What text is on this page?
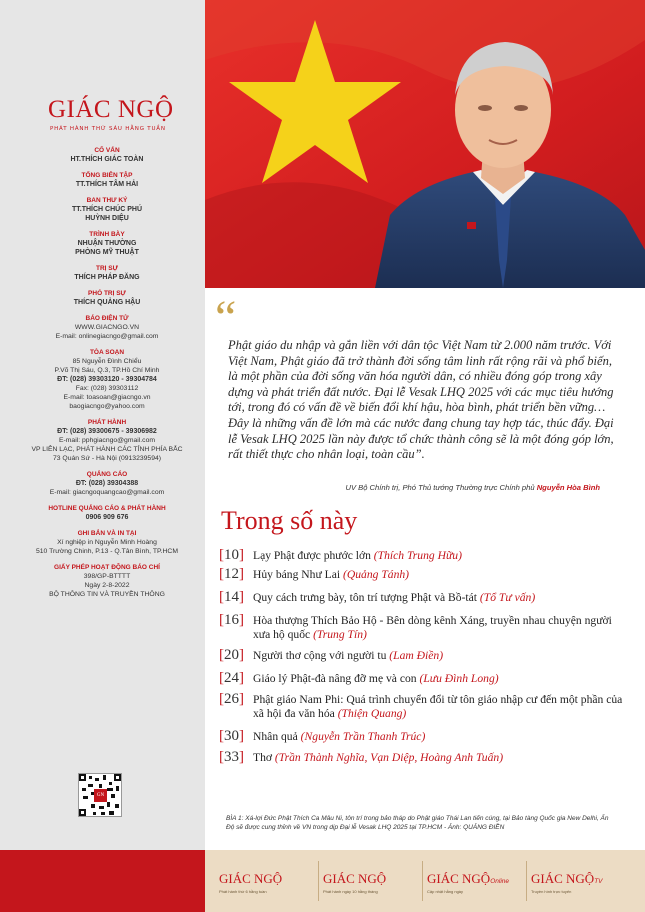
GIÁC NGỘ
PHÁT HÀNH THỨ SÁU HẰNG TUẦN
CỐ VẤN
HT.THÍCH GIÁC TOÀN
TỔNG BIÊN TẬP
TT.THÍCH TÂM HẢI
BAN THƯ KÝ
TT.THÍCH CHÚC PHÚ
HUỲNH DIỆU
TRÌNH BÀY
NHUẬN THƯỜNG
PHÒNG MỸ THUẬT
TRỊ SỰ
THÍCH PHÁP ĐĂNG
PHÓ TRỊ SỰ
THÍCH QUẢNG HẬU
BÁO ĐIỆN TỬ
WWW.GIACNGO.VN
E-mail: onlinegiacngo@gmail.com
TÒA SOẠN
85 Nguyễn Đình Chiểu
P.Võ Thị Sáu, Q.3, TP.Hồ Chí Minh
ĐT: (028) 39303120 - 39304784
Fax: (028) 39303112
E-mail: toasoan@giacngo.vn
baogiacngo@yahoo.com
PHÁT HÀNH
ĐT: (028) 39300675 - 39306982
E-mail: pphgiacngo@gmail.com
VP LIÊN LẠC, PHÁT HÀNH CÁC TỈNH PHÍA BẮC
73 Quán Sứ - Hà Nội (0913239594)
QUẢNG CÁO
ĐT: (028) 39304388
E-mail: giacngoquangcao@gmail.com
HOTLINE QUẢNG CÁO & PHÁT HÀNH
0906 909 676
GHI BẢN VÀ IN TẠI
Xí nghiệp in Nguyễn Minh Hoàng
510 Trường Chinh, P.13 - Q.Tân Bình, TP.HCM
GIẤY PHÉP HOẠT ĐỘNG BÁO CHÍ
398/GP-BTTTT
Ngày 2-8-2022
BỘ THÔNG TIN VÀ TRUYỀN THÔNG
GN
“
Phật giáo du nhập và gắn liền với dân tộc Việt Nam từ 2.000 năm trước. Với Việt Nam, Phật giáo đã trở thành đời sống tâm linh rất rộng rãi và phổ biến, là một phần của đời sống văn hóa người dân, có nhiều đóng góp trong xây dựng và phát triển đất nước. Đại lễ Vesak LHQ 2025 với các mục tiêu hướng tới, trong đó có vấn đề về biến đổi khí hậu, hòa bình, phát triển bền vững… Đây là những vấn đề lớn mà các nước đang chung tay hợp tác, thúc đẩy. Đại lễ Vesak LHQ 2025 lần này được tổ chức thành công sẽ là một đóng góp lớn, rất thiết thực cho nhân loại, toàn cầu”.
UV Bộ Chính trị, Phó Thủ tướng Thường trực Chính phủ Nguyễn Hòa Bình
Trong số này
[10] Lạy Phật được phước lớn (Thích Trung Hữu)
[12] Hủy báng Như Lai (Quảng Tánh)
[14] Quy cách trưng bày, tôn trí tượng Phật và Bồ-tát (Tổ Tư vấn)
[16] Hòa thượng Thích Bảo Hộ - Bên dòng kênh Xáng, truyền nhau chuyện người xưa hộ quốc (Trung Tín)
[20] Người thơ cộng với người tu (Lam Điền)
[24] Giáo lý Phật-đà nâng đỡ mẹ và con (Lưu Đình Long)
[26] Phật giáo Nam Phi: Quá trình chuyển đổi từ tôn giáo nhập cư đến một phần của xã hội đa văn hóa (Thiện Quang)
[30] Nhân quả (Nguyễn Trần Thanh Trúc)
[33] Thơ (Trần Thành Nghĩa, Vạn Diệp, Hoàng Anh Tuấn)
BÌA 1: Xá-lợi Đức Phật Thích Ca Mâu Ni, tôn trí trong bảo tháp do Phật giáo Thái Lan tiến cúng, tại Bảo tàng Quốc gia New Delhi, Ấn Độ sẽ được cung thỉnh về VN trong dịp Đại lễ Vesak LHQ 2025 tại TP.HCM - Ảnh: QUẢNG ĐIỀN
GIÁC NGỘ
Phát hành thứ 6 hằng tuần
GIÁC NGỘ
Phát hành ngày 10 hằng tháng
GIÁC NGỘOnline
Cập nhật hằng ngày
GIÁC NGỘTV
Truyền hình trực tuyến
